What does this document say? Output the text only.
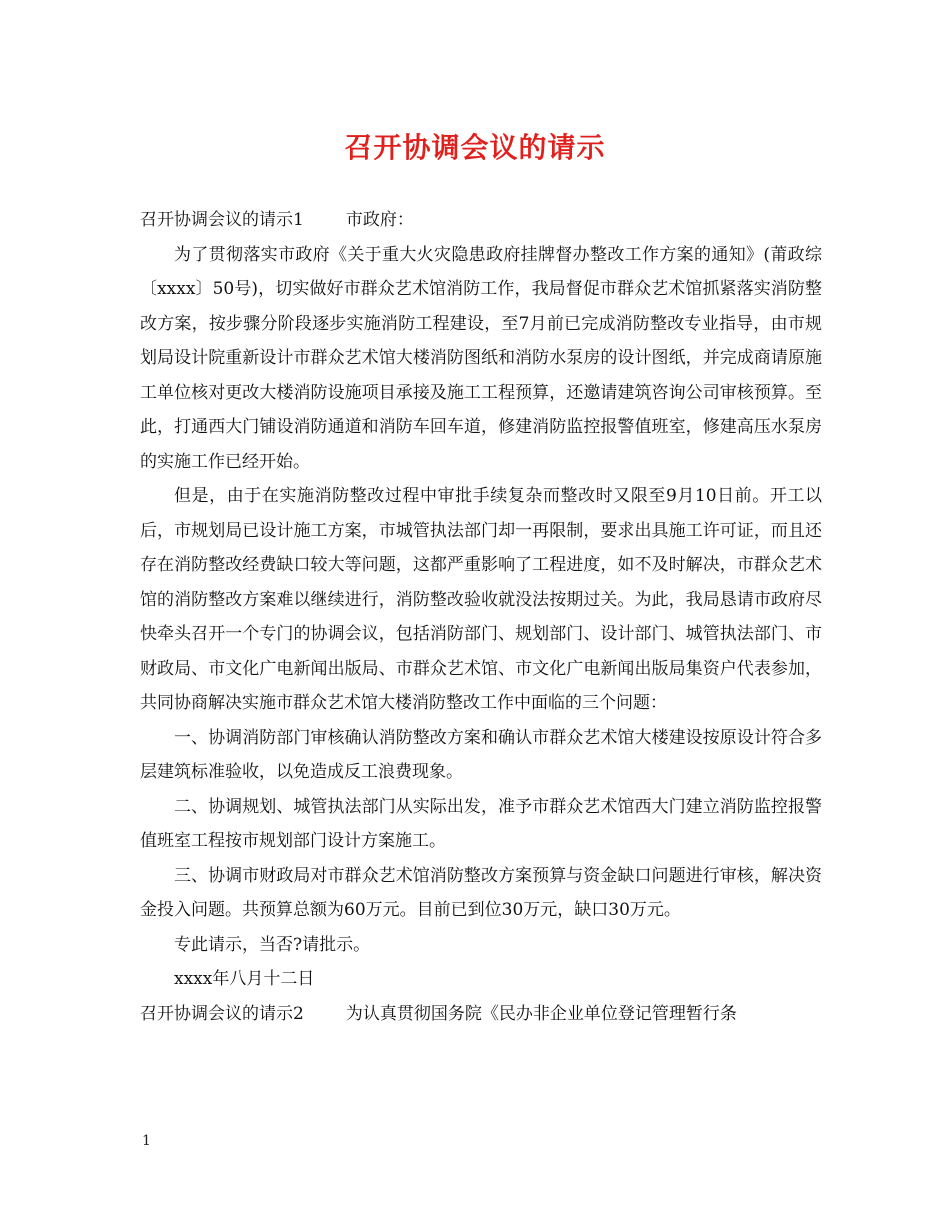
召开协调会议的请示

召开协调会议的请示1 市政府：

为了贯彻落实市政府《关于重大火灾隐患政府挂牌督办整改工作方案的通知》(莆政综〔xxxx〕50号)，切实做好市群众艺术馆消防工作，我局督促市群众艺术馆抓紧落实消防整改方案，按步骤分阶段逐步实施消防工程建设，至7月前已完成消防整改专业指导，由市规划局设计院重新设计市群众艺术馆大楼消防图纸和消防水泵房的设计图纸，并完成商请原施工单位核对更改大楼消防设施项目承接及施工工程预算，还邀请建筑咨询公司审核预算。至此，打通西大门铺设消防通道和消防车回车道，修建消防监控报警值班室，修建高压水泵房的实施工作已经开始。

但是，由于在实施消防整改过程中审批手续复杂而整改时又限至9月10日前。开工以后，市规划局已设计施工方案，市城管执法部门却一再限制，要求出具施工许可证，而且还存在消防整改经费缺口较大等问题，这都严重影响了工程进度，如不及时解决，市群众艺术馆的消防整改方案难以继续进行，消防整改验收就没法按期过关。为此，我局恳请市政府尽快牵头召开一个专门的协调会议，包括消防部门、规划部门、设计部门、城管执法部门、市财政局、市文化广电新闻出版局、市群众艺术馆、市文化广电新闻出版局集资户代表参加，共同协商解决实施市群众艺术馆大楼消防整改工作中面临的三个问题：

一、协调消防部门审核确认消防整改方案和确认市群众艺术馆大楼建设按原设计符合多层建筑标准验收，以免造成反工浪费现象。

二、协调规划、城管执法部门从实际出发，准予市群众艺术馆西大门建立消防监控报警值班室工程按市规划部门设计方案施工。

三、协调市财政局对市群众艺术馆消防整改方案预算与资金缺口问题进行审核，解决资金投入问题。共预算总额为60万元。目前已到位30万元，缺口30万元。

专此请示，当否?请批示。

xxxx年八月十二日

召开协调会议的请示2 为认真贯彻国务院《民办非企业单位登记管理暂行条

1
